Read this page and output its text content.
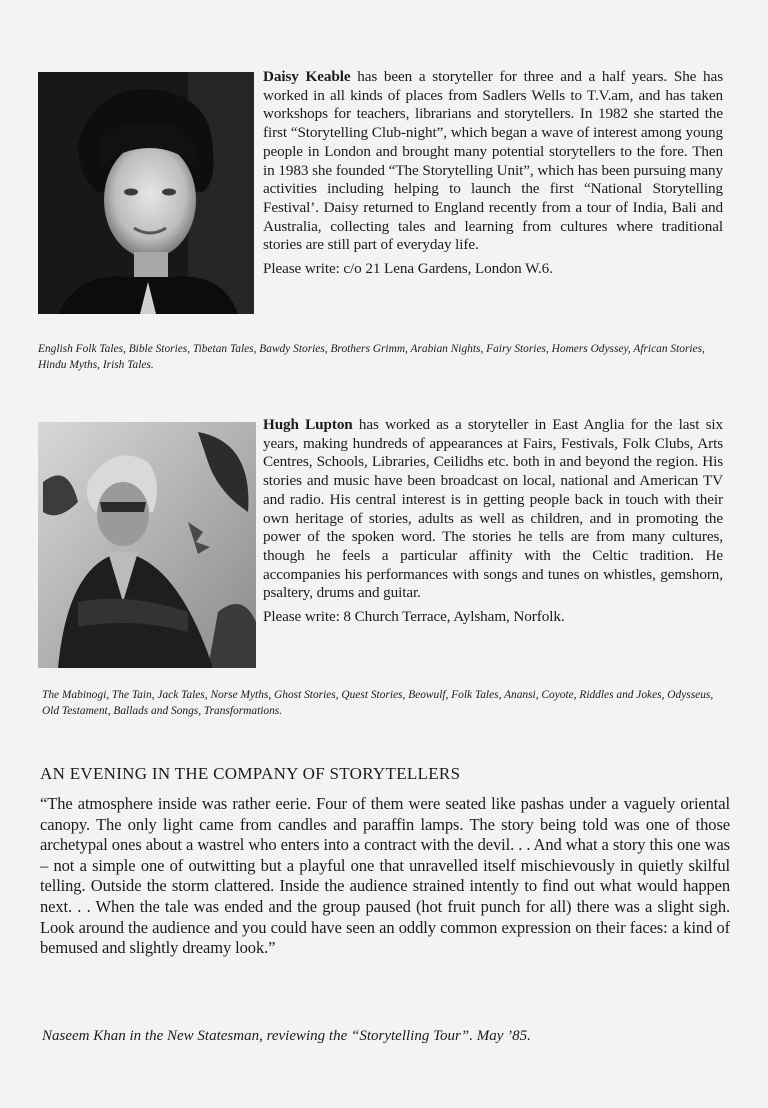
Daisy Keable has been a storyteller for three and a half years. She has worked in all kinds of places from Sadlers Wells to T.V.am, and has taken workshops for teachers, librarians and storytellers. In 1982 she started the first “Storytelling Club-night”, which began a wave of interest among young people in London and brought many potential storytellers to the fore. Then in 1983 she founded “The Storytelling Unit”, which has been pursuing many activities including helping to launch the first “National Storytelling Festival’. Daisy returned to England recently from a tour of India, Bali and Australia, collecting tales and learning from cultures where traditional stories are still part of everyday life.
Please write: c/o 21 Lena Gardens, London W.6.
English Folk Tales, Bible Stories, Tibetan Tales, Bawdy Stories, Brothers Grimm, Arabian Nights, Fairy Stories, Homers Odyssey, African Stories, Hindu Myths, Irish Tales.
Hugh Lupton has worked as a storyteller in East Anglia for the last six years, making hundreds of appearances at Fairs, Festivals, Folk Clubs, Arts Centres, Schools, Libraries, Ceilidhs etc. both in and beyond the region. His stories and music have been broadcast on local, national and American TV and radio. His central interest is in getting people back in touch with their own heritage of stories, adults as well as children, and in promoting the power of the spoken word. The stories he tells are from many cultures, though he feels a particular affinity with the Celtic tradition. He accompanies his performances with songs and tunes on whistles, gemshorn, psaltery, drums and guitar.
Please write: 8 Church Terrace, Aylsham, Norfolk.
The Mabinogi, The Tain, Jack Tales, Norse Myths, Ghost Stories, Quest Stories, Beowulf, Folk Tales, Anansi, Coyote, Riddles and Jokes, Odysseus, Old Testament, Ballads and Songs, Transformations.
AN EVENING IN THE COMPANY OF STORYTELLERS
“The atmosphere inside was rather eerie. Four of them were seated like pashas under a vaguely oriental canopy. The only light came from candles and paraffin lamps. The story being told was one of those archetypal ones about a wastrel who enters into a contract with the devil. . . And what a story this one was – not a simple one of outwitting but a playful one that unravelled itself mischievously in quietly skilful telling. Outside the storm clattered. Inside the audience strained intently to find out what would happen next. . . When the tale was ended and the group paused (hot fruit punch for all) there was a slight sigh. Look around the audience and you could have seen an oddly common expression on their faces: a kind of bemused and slightly dreamy look.”
Naseem Khan in the New Statesman, reviewing the “Storytelling Tour”. May ’85.
